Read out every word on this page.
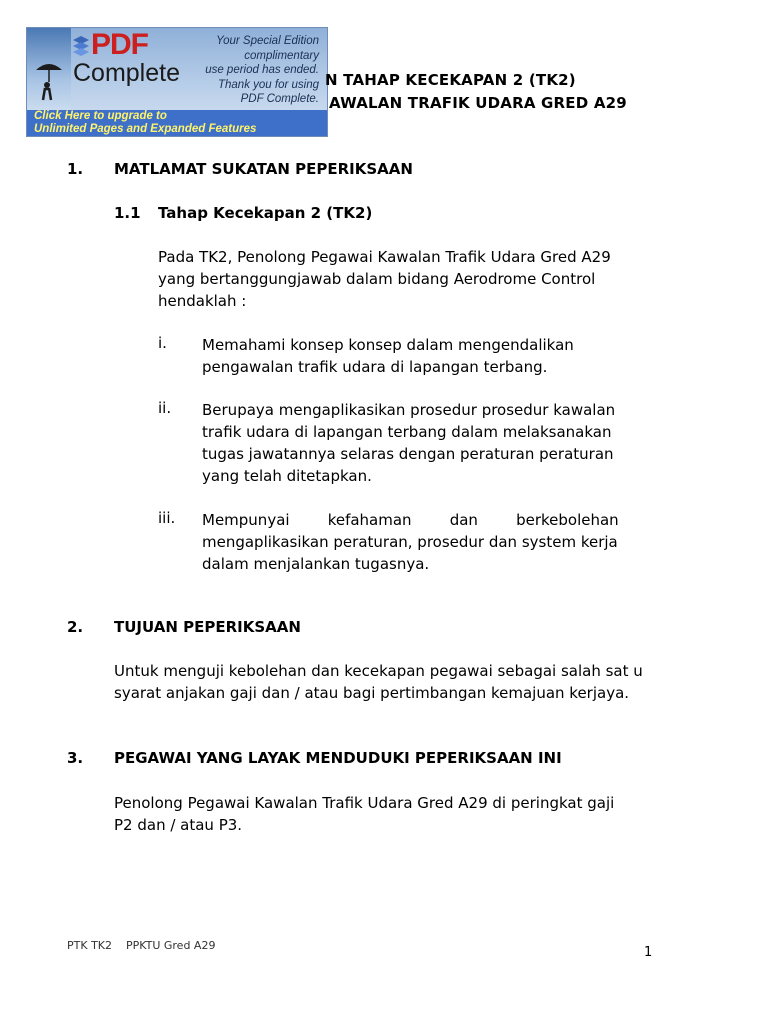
PDF
Complete
Your Special Edition
complimentary
use period has ended.
Thank you for using
PDF Complete.
Click Here to upgrade to
Unlimited Pages and Expanded Features
N TAHAP KECEKAPAN 2 (TK2)
AWALAN TRAFIK UDARA GRED A29
1. MATLAMAT SUKATAN PEPERIKSAAN
1.1 Tahap Kecekapan 2 (TK2)
Pada TK2, Penolong Pegawai Kawalan Trafik Udara Gred A29
yang bertanggungjawab dalam bidang Aerodrome Control
hendaklah :
i. Memahami konsep konsep dalam mengendalikan
pengawalan trafik udara di lapangan terbang.
ii. Berupaya mengaplikasikan prosedur prosedur kawalan
trafik udara di lapangan terbang dalam melaksanakan
tugas jawatannya selaras dengan peraturan peraturan
yang telah ditetapkan.
iii. Mempunyai        kefahaman        dan        berkebolehan
mengaplikasikan peraturan, prosedur dan system kerja
dalam menjalankan tugasnya.
2. TUJUAN PEPERIKSAAN
Untuk menguji kebolehan dan kecekapan pegawai sebagai salah sat u
syarat anjakan gaji dan / atau bagi pertimbangan kemajuan kerjaya.
3. PEGAWAI YANG LAYAK MENDUDUKI PEPERIKSAAN INI
Penolong Pegawai Kawalan Trafik Udara Gred A29 di peringkat gaji
P2 dan / atau P3.
PTK TK2    PPKTU Gred A29	1
